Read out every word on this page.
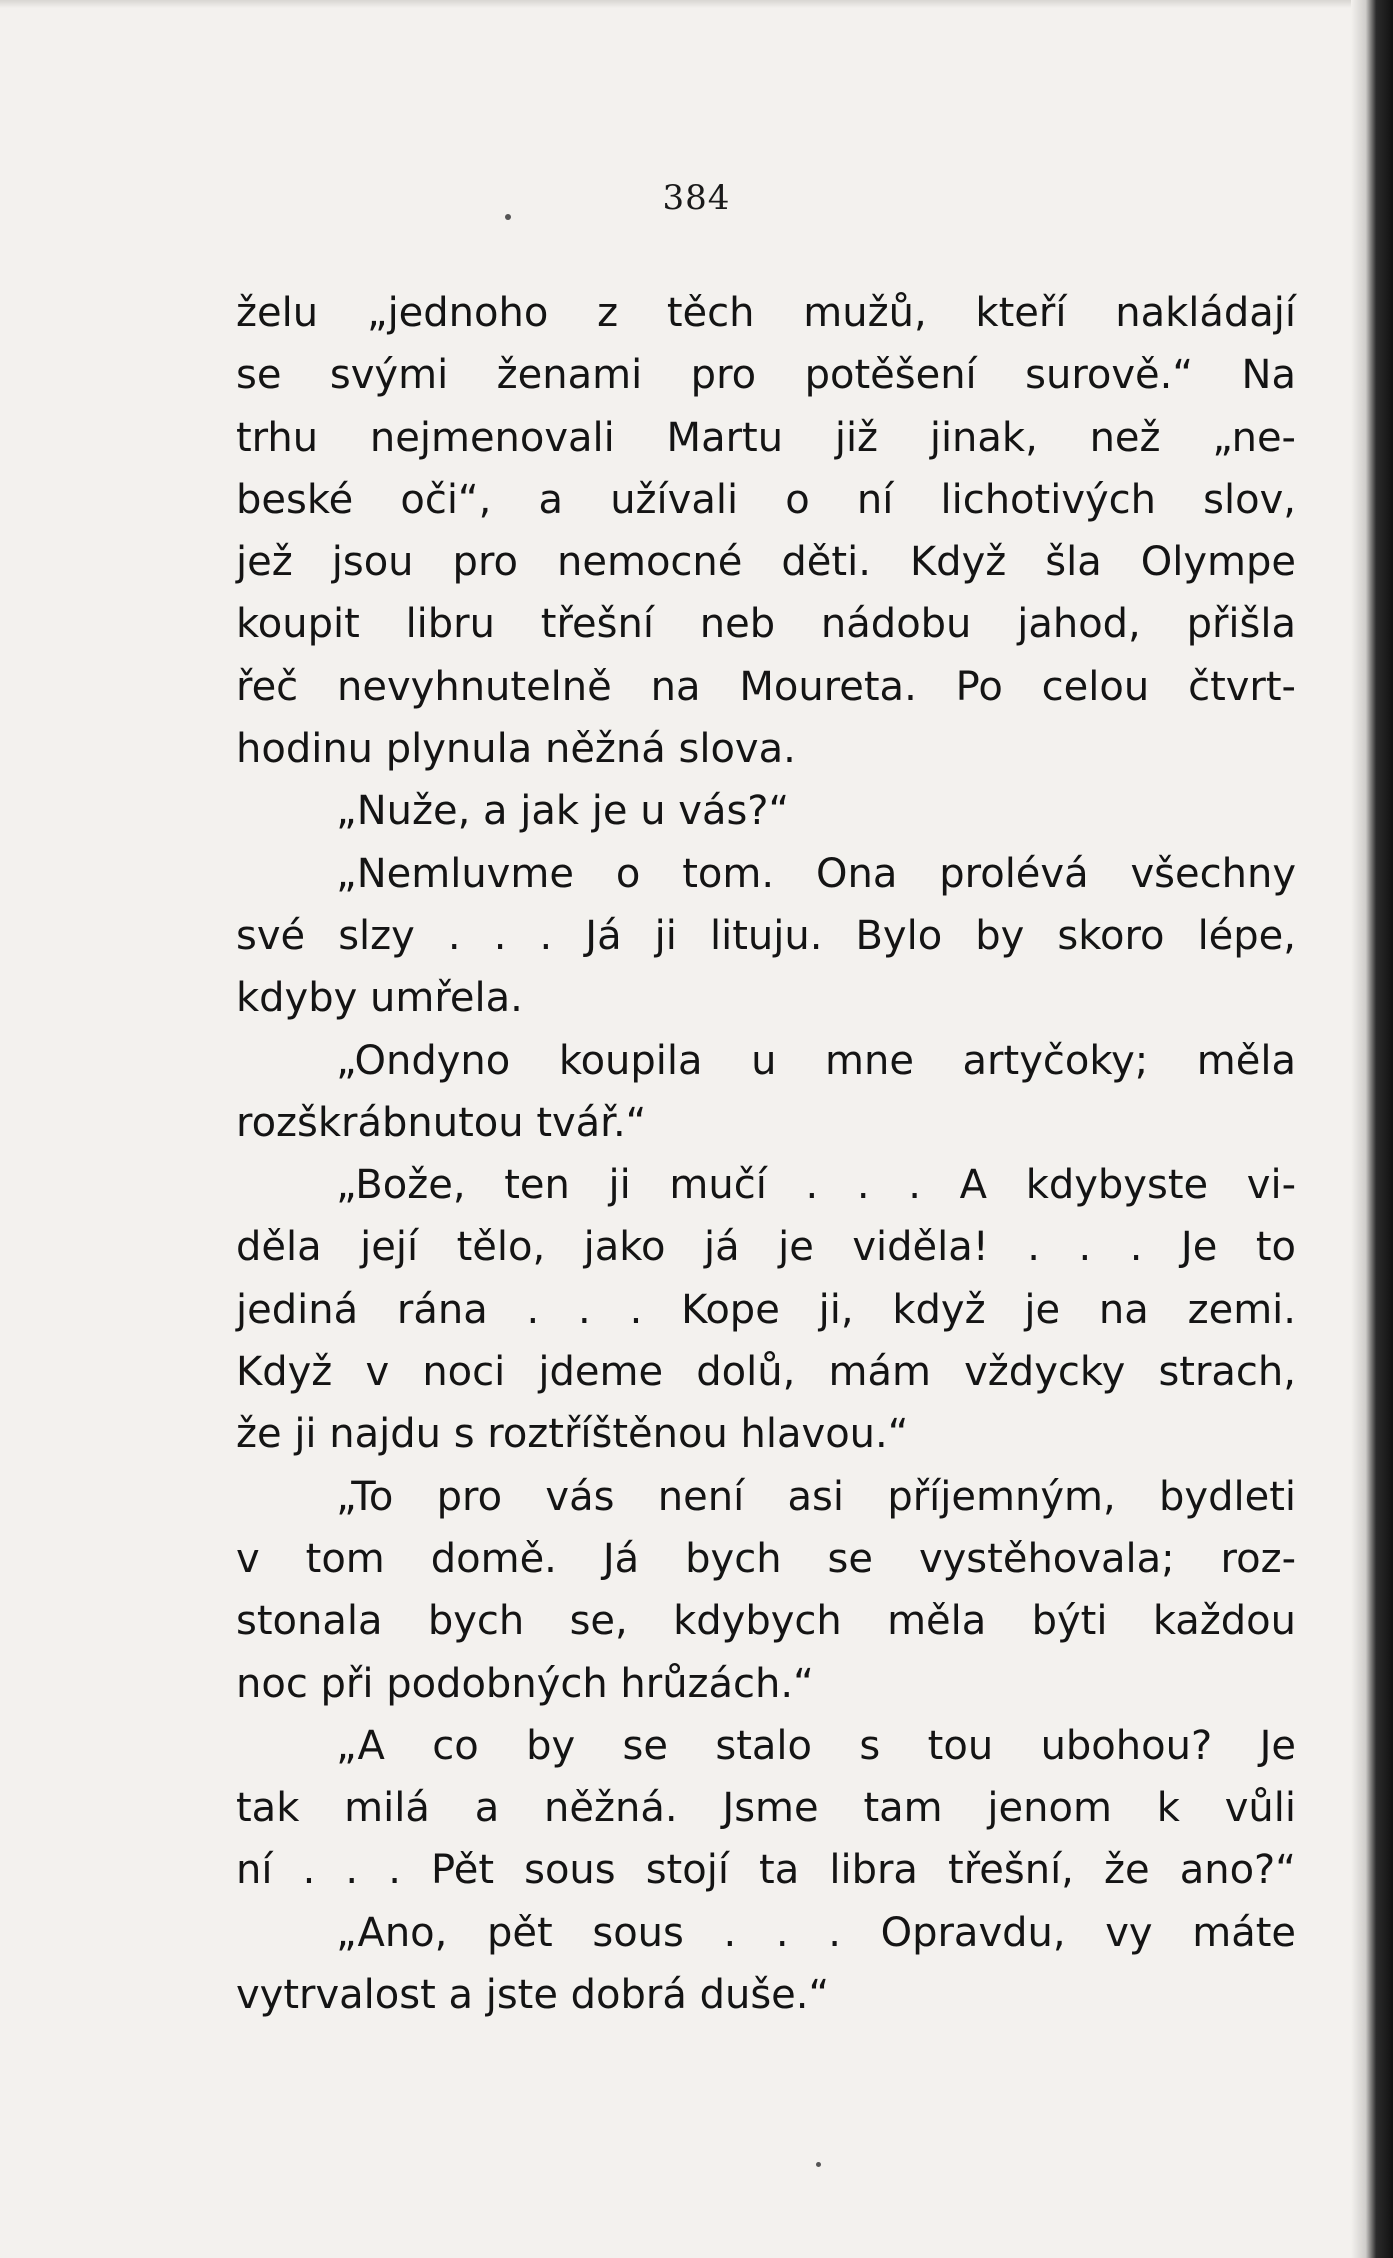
384
želu „jednoho z těch mužů, kteří nakládají
se svými ženami pro potěšení surově.“ Na
trhu nejmenovali Martu již jinak, než „ne-
beské oči“, a užívali o ní lichotivých slov,
jež jsou pro nemocné děti. Když šla Olympe
koupit libru třešní neb nádobu jahod, přišla
řeč nevyhnutelně na Moureta. Po celou čtvrt-
hodinu plynula něžná slova.
„Nuže, a jak je u vás?“
„Nemluvme o tom. Ona prolévá všechny
své slzy . . . Já ji lituju. Bylo by skoro lépe,
kdyby umřela.
„Ondyno koupila u mne artyčoky; měla
rozškrábnutou tvář.“
„Bože, ten ji mučí . . . A kdybyste vi-
děla její tělo, jako já je viděla! . . . Je to
jediná rána . . . Kope ji, když je na zemi.
Když v noci jdeme dolů, mám vždycky strach,
že ji najdu s roztříštěnou hlavou.“
„To pro vás není asi příjemným, bydleti
v tom domě. Já bych se vystěhovala; roz-
stonala bych se, kdybych měla býti každou
noc při podobných hrůzách.“
„A co by se stalo s tou ubohou? Je
tak milá a něžná. Jsme tam jenom k vůli
ní . . . Pět sous stojí ta libra třešní, že ano?“
„Ano, pět sous . . . Opravdu, vy máte
vytrvalost a jste dobrá duše.“
